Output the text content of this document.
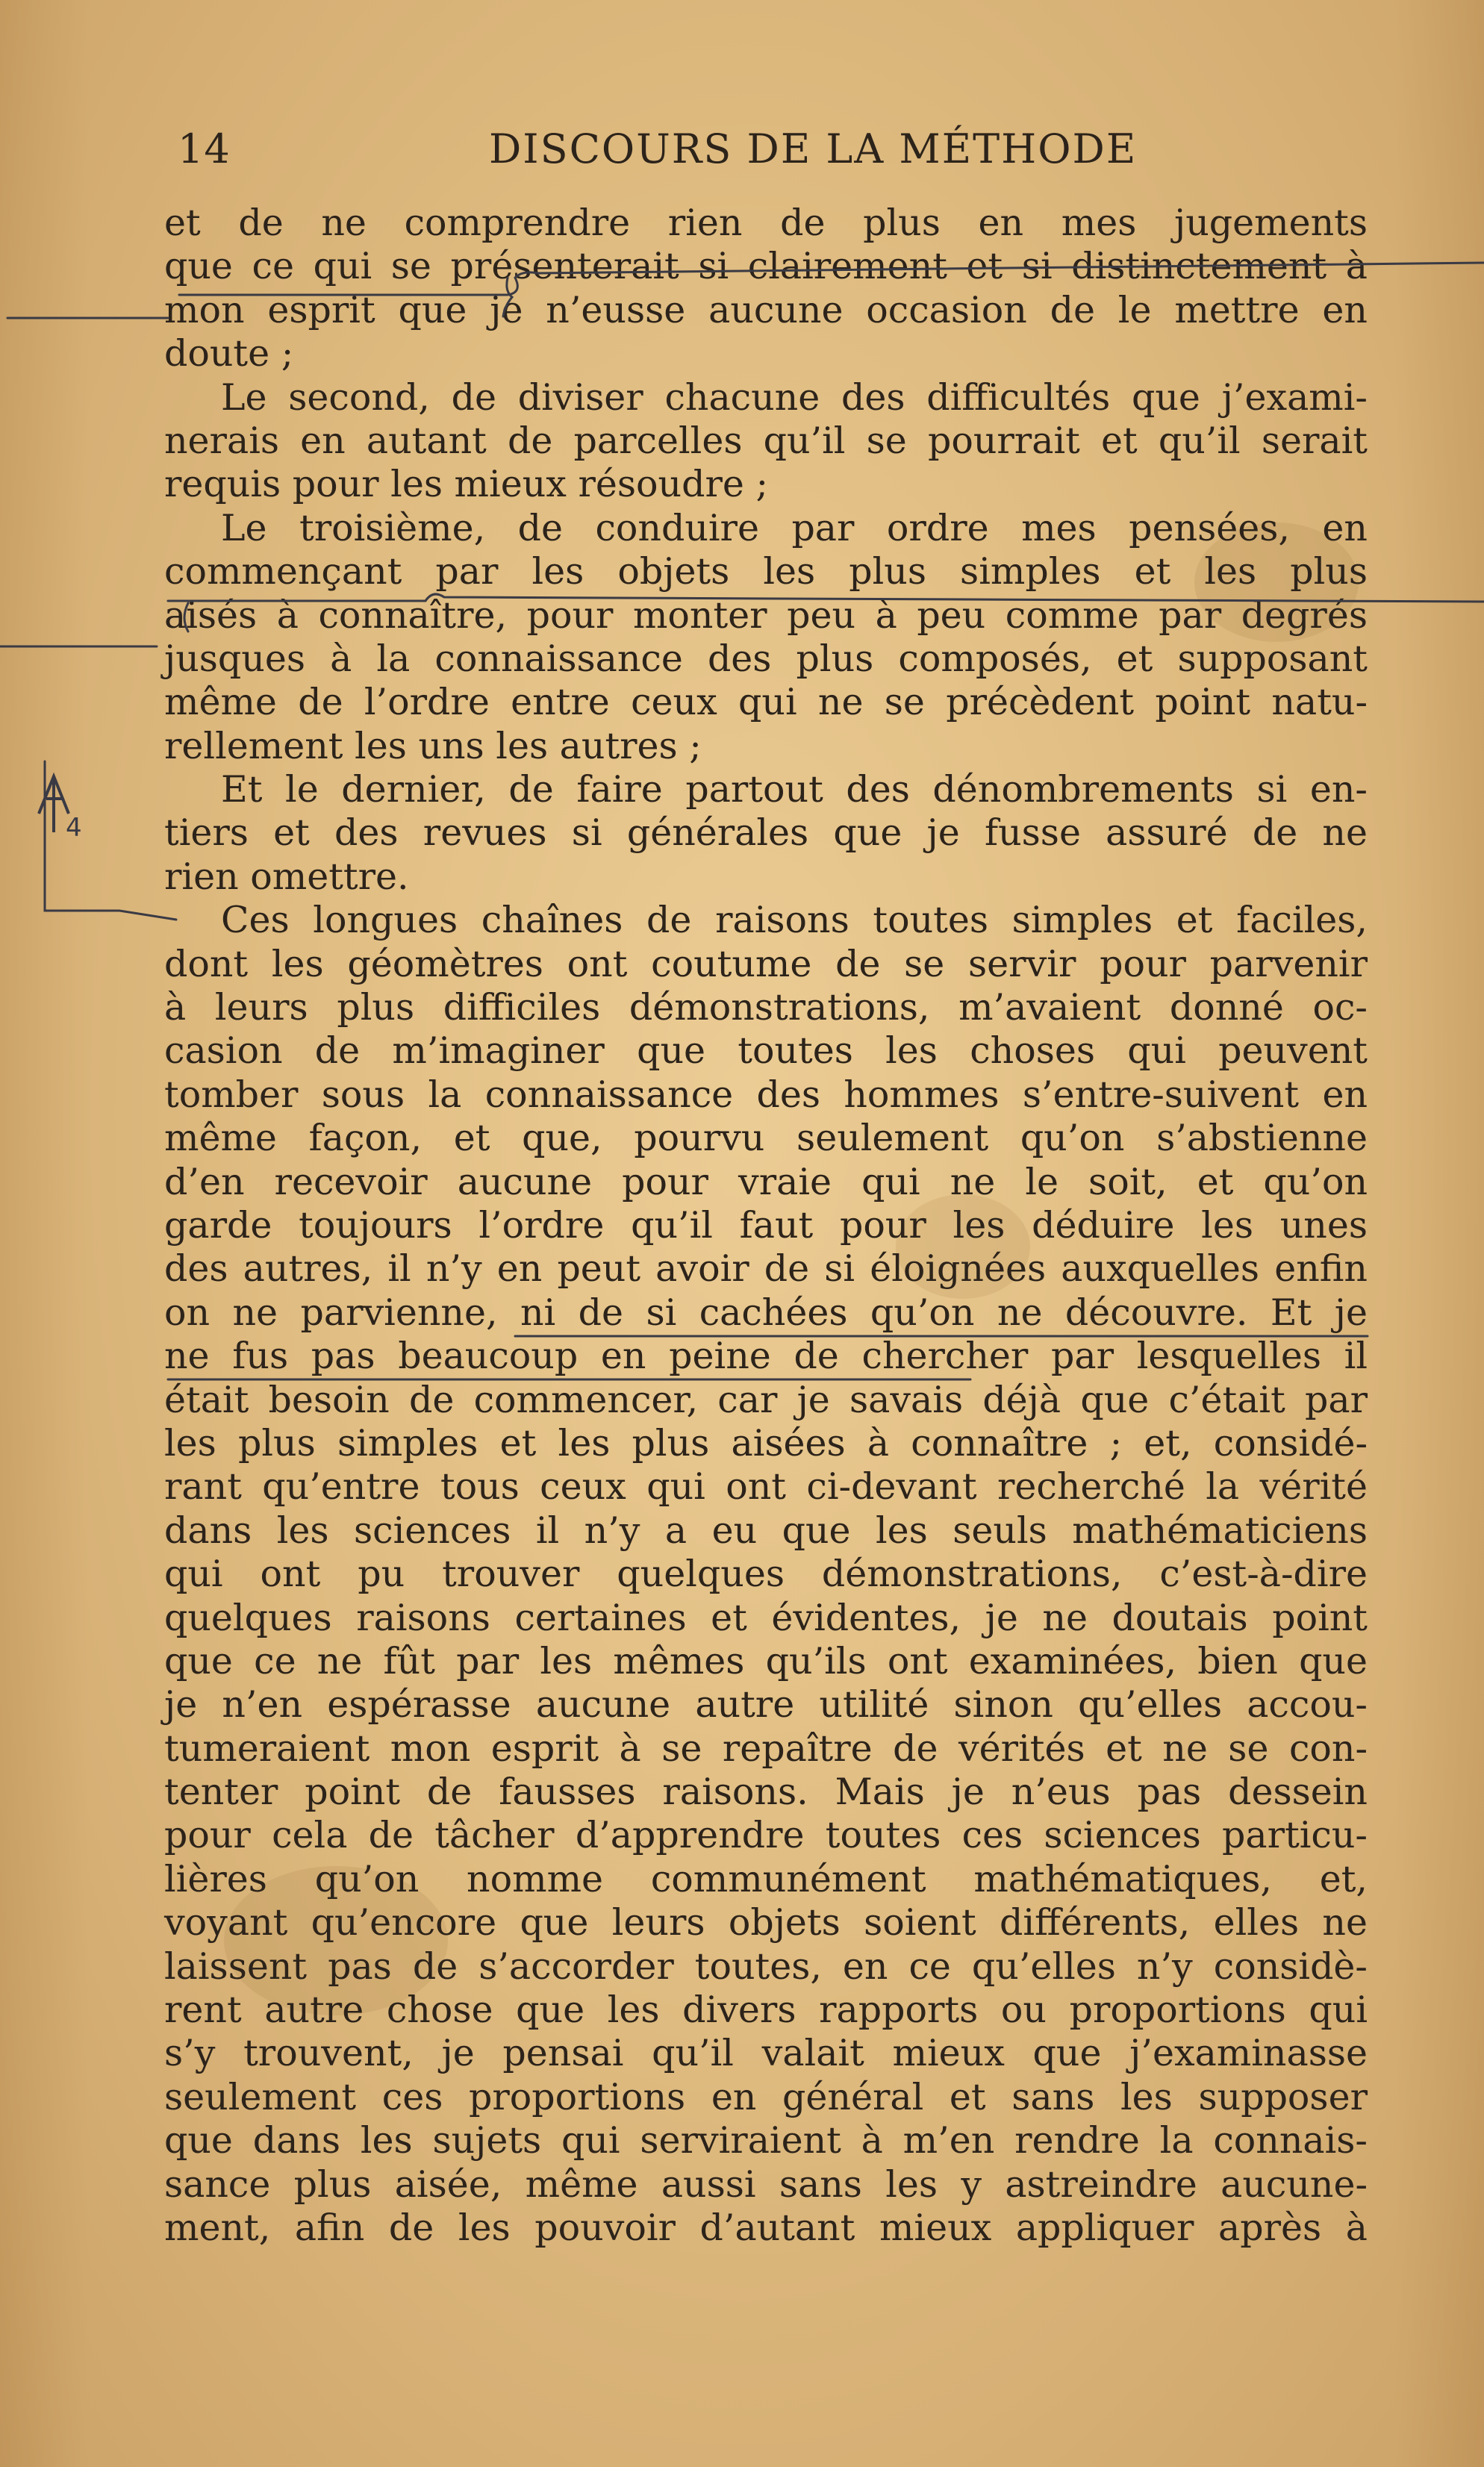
14	DISCOURS DE LA MÉTHODE
et de ne comprendre rien de plus en mes jugements
que ce qui se présenterait si clairement et si distinctement à
mon esprit que je n’eusse aucune occasion de le mettre en
doute ;
Le second, de diviser chacune des difficultés que j’exami-
nerais en autant de parcelles qu’il se pourrait et qu’il serait
requis pour les mieux résoudre ;
Le troisième, de conduire par ordre mes pensées, en
commençant par les objets les plus simples et les plus
aisés à connaître, pour monter peu à peu comme par degrés
jusques à la connaissance des plus composés, et supposant
même de l’ordre entre ceux qui ne se précèdent point natu-
rellement les uns les autres ;
Et le dernier, de faire partout des dénombrements si en-
tiers et des revues si générales que je fusse assuré de ne
rien omettre.
Ces longues chaînes de raisons toutes simples et faciles,
dont les géomètres ont coutume de se servir pour parvenir
à leurs plus difficiles démonstrations, m’avaient donné oc-
casion de m’imaginer que toutes les choses qui peuvent
tomber sous la connaissance des hommes s’entre-suivent en
même façon, et que, pourvu seulement qu’on s’abstienne
d’en recevoir aucune pour vraie qui ne le soit, et qu’on
garde toujours l’ordre qu’il faut pour les déduire les unes
des autres, il n’y en peut avoir de si éloignées auxquelles enfin
on ne parvienne, ni de si cachées qu’on ne découvre. Et je
ne fus pas beaucoup en peine de chercher par lesquelles il
était besoin de commencer, car je savais déjà que c’était par
les plus simples et les plus aisées à connaître ; et, considé-
rant qu’entre tous ceux qui ont ci-devant recherché la vérité
dans les sciences il n’y a eu que les seuls mathématiciens
qui ont pu trouver quelques démonstrations, c’est-à-dire
quelques raisons certaines et évidentes, je ne doutais point
que ce ne fût par les mêmes qu’ils ont examinées, bien que
je n’en espérasse aucune autre utilité sinon qu’elles accou-
tumeraient mon esprit à se repaître de vérités et ne se con-
tenter point de fausses raisons. Mais je n’eus pas dessein
pour cela de tâcher d’apprendre toutes ces sciences particu-
lières qu’on nomme communément mathématiques, et,
voyant qu’encore que leurs objets soient différents, elles ne
laissent pas de s’accorder toutes, en ce qu’elles n’y considè-
rent autre chose que les divers rapports ou proportions qui
s’y trouvent, je pensai qu’il valait mieux que j’examinasse
seulement ces proportions en général et sans les supposer
que dans les sujets qui serviraient à m’en rendre la connais-
sance plus aisée, même aussi sans les y astreindre aucune-
ment, afin de les pouvoir d’autant mieux appliquer après à
4
